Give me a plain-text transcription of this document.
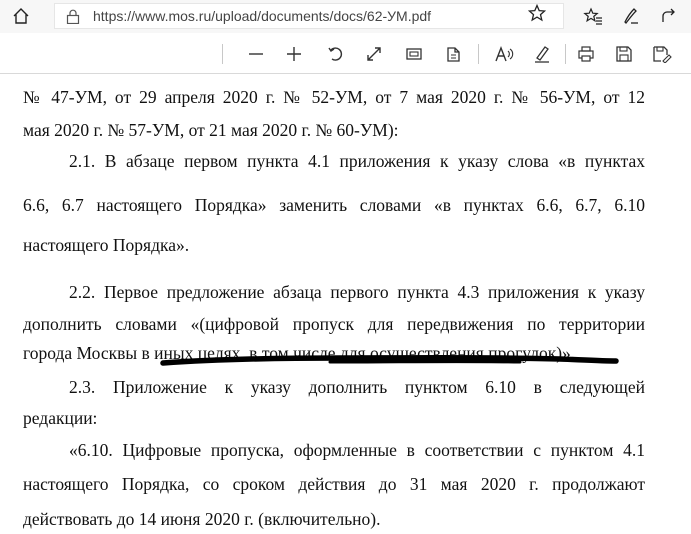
https://www.mos.ru/upload/documents/docs/62-УМ.pdf
№ 47-УМ, от 29 апреля 2020 г. № 52-УМ, от 7 мая 2020 г. № 56-УМ, от 12
мая 2020 г. № 57-УМ, от 21 мая 2020 г. № 60-УМ):
2.1. В абзаце первом пункта 4.1 приложения к указу слова «в пунктах
6.6, 6.7 настоящего Порядка» заменить словами «в пунктах 6.6, 6.7, 6.10
настоящего Порядка».
2.2. Первое предложение абзаца первого пункта 4.3 приложения к указу
дополнить словами «(цифровой пропуск для передвижения по территории
города Москвы в иных целях, в том числе для осуществления прогулок)».
2.3. Приложение к указу дополнить пунктом 6.10 в следующей
редакции:
«6.10. Цифровые пропуска, оформленные в соответствии с пунктом 4.1
настоящего Порядка, со сроком действия до 31 мая 2020 г. продолжают
действовать до 14 июня 2020 г. (включительно).
